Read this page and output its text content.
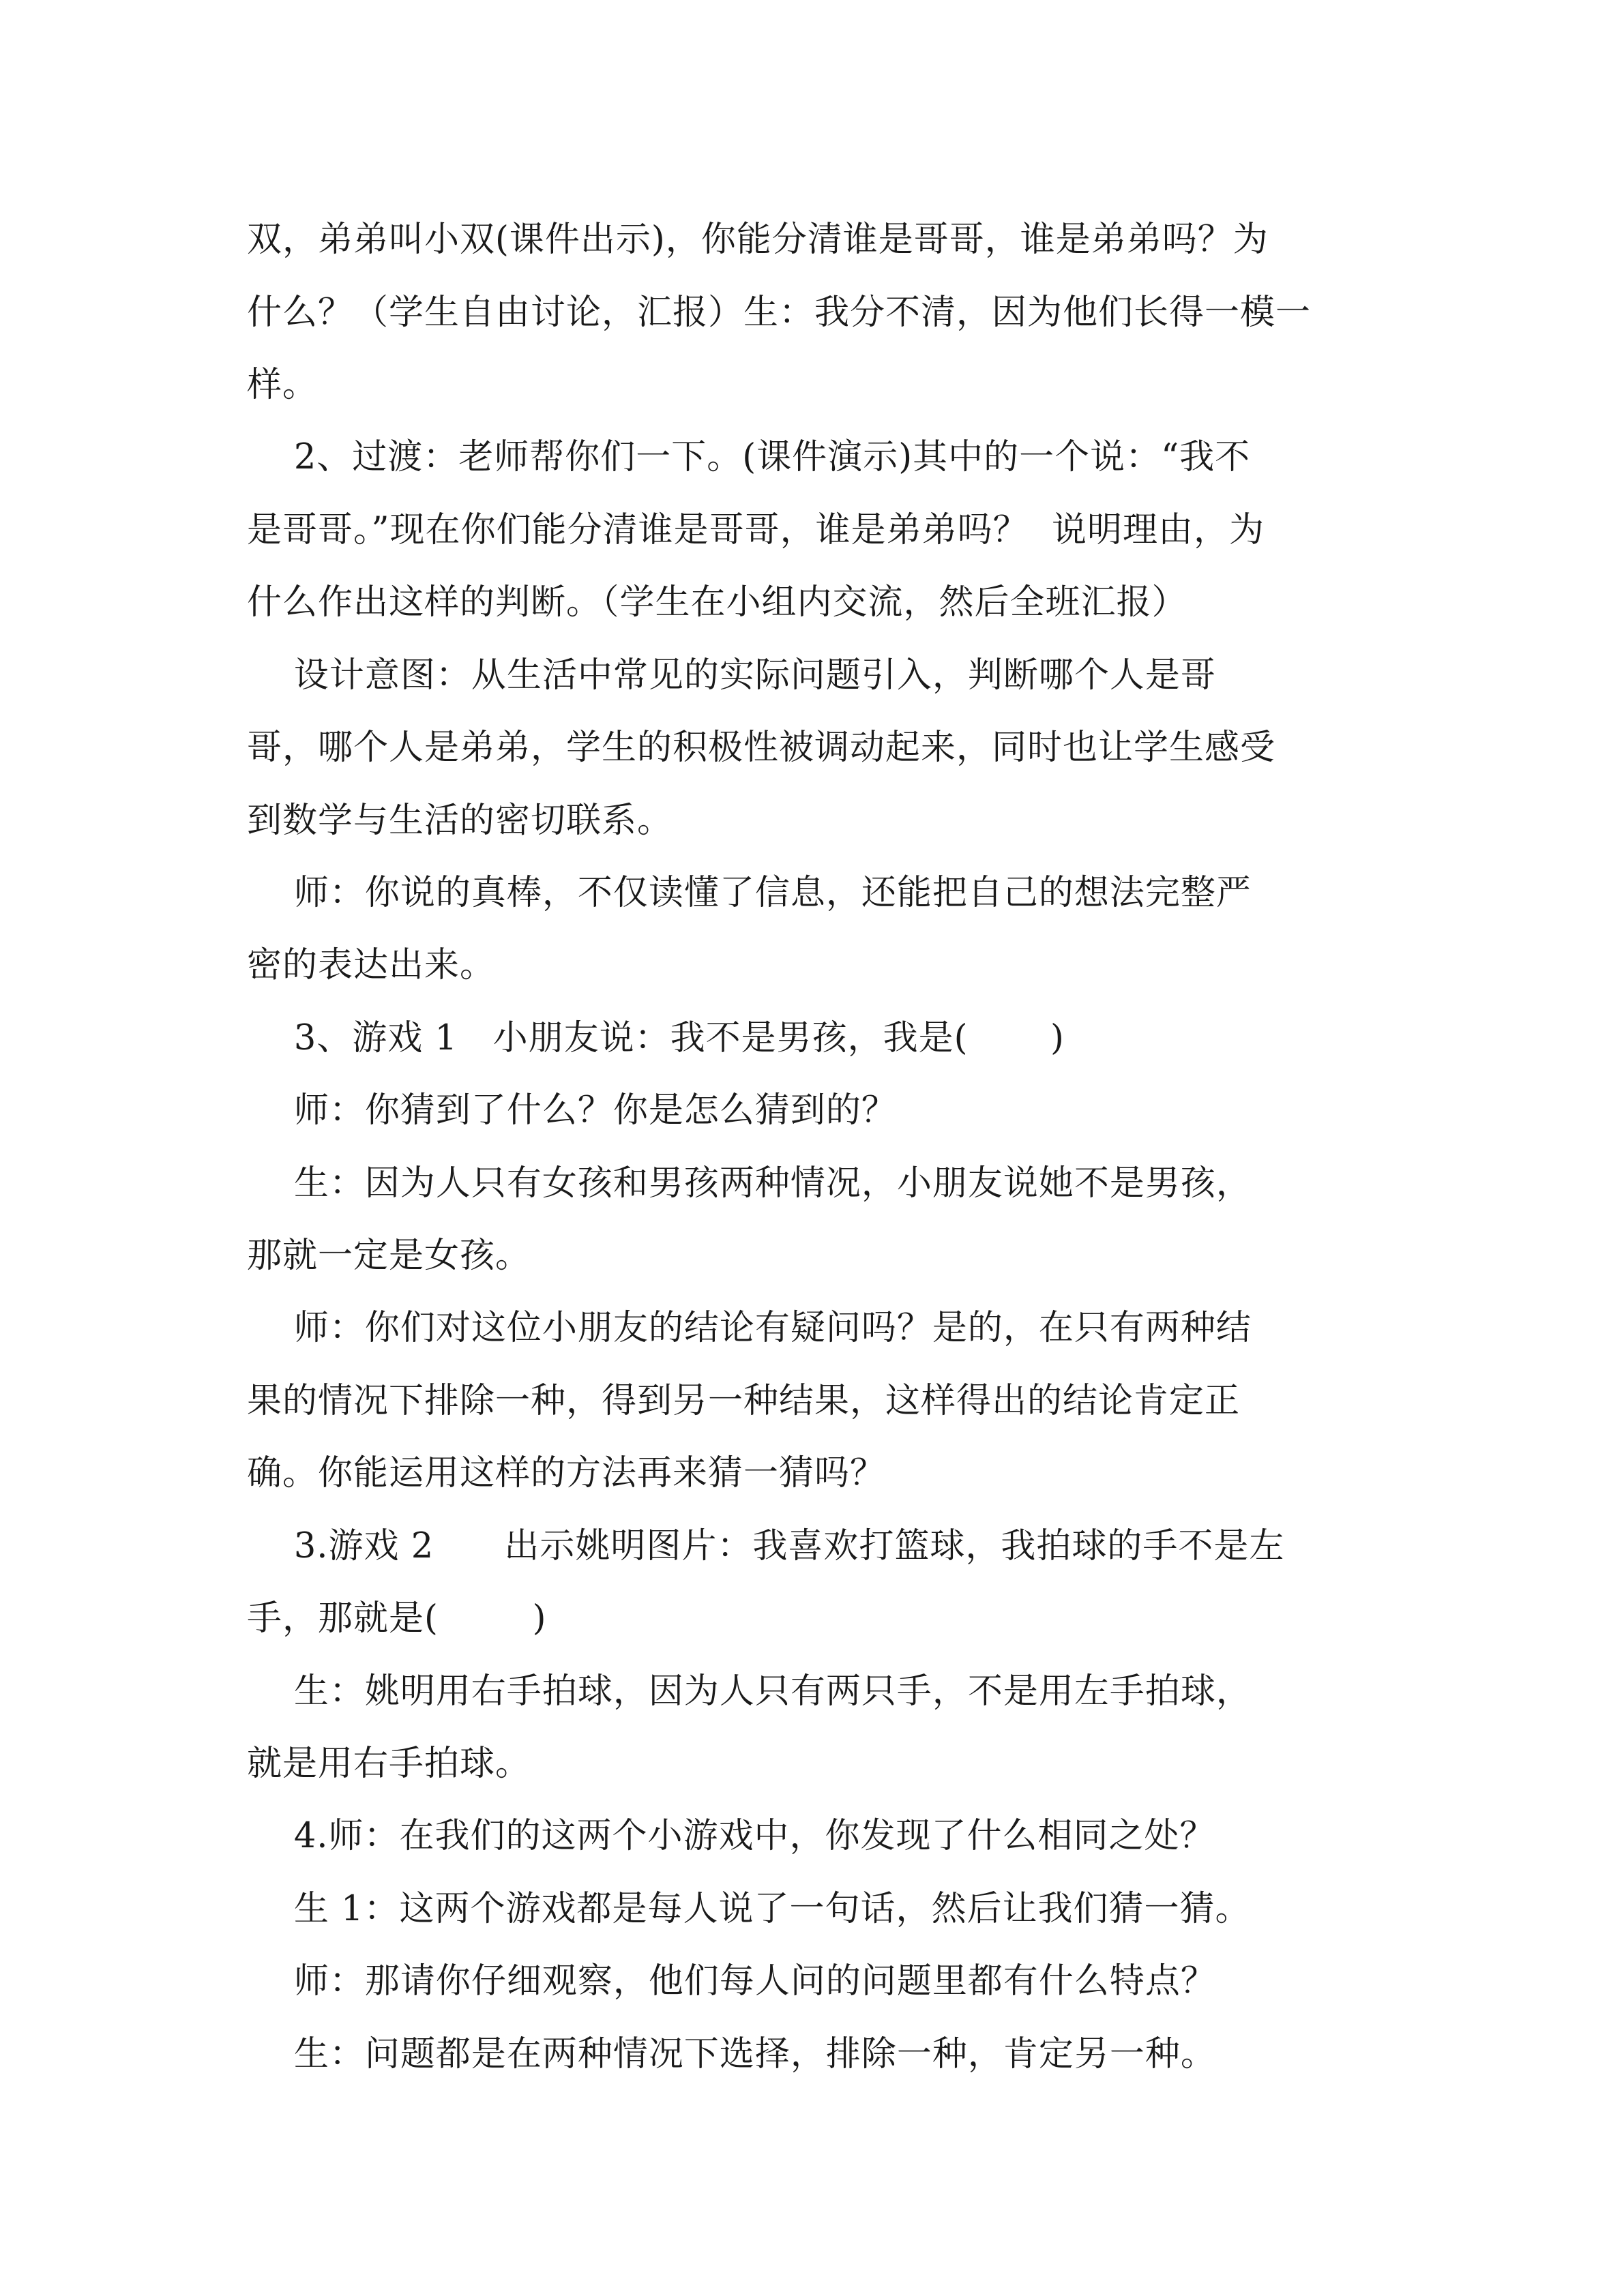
双，弟弟叫小双(课件出示)，你能分清谁是哥哥，谁是弟弟吗？为
什么？（学生自由讨论，汇报）生：我分不清，因为他们长得一模一
样。
2、过渡：老师帮你们一下。(课件演示)其中的一个说：“我不
是哥哥。”现在你们能分清谁是哥哥，谁是弟弟吗？  说明理由，为
什么作出这样的判断。（学生在小组内交流，然后全班汇报）
设计意图：从生活中常见的实际问题引入，判断哪个人是哥
哥，哪个人是弟弟，学生的积极性被调动起来，同时也让学生感受
到数学与生活的密切联系。
师：你说的真棒，不仅读懂了信息，还能把自己的想法完整严
密的表达出来。
3、游戏 1   小朋友说：我不是男孩，我是(       )
师：你猜到了什么？你是怎么猜到的？
生：因为人只有女孩和男孩两种情况，小朋友说她不是男孩，
那就一定是女孩。
师：你们对这位小朋友的结论有疑问吗？是的，在只有两种结
果的情况下排除一种，得到另一种结果，这样得出的结论肯定正
确。你能运用这样的方法再来猜一猜吗？
3.游戏 2      出示姚明图片：我喜欢打篮球，我拍球的手不是左
手，那就是(        )
生：姚明用右手拍球，因为人只有两只手，不是用左手拍球，
就是用右手拍球。
4.师：在我们的这两个小游戏中，你发现了什么相同之处？
生 1：这两个游戏都是每人说了一句话，然后让我们猜一猜。
师：那请你仔细观察，他们每人问的问题里都有什么特点？
生：问题都是在两种情况下选择，排除一种，肯定另一种。
